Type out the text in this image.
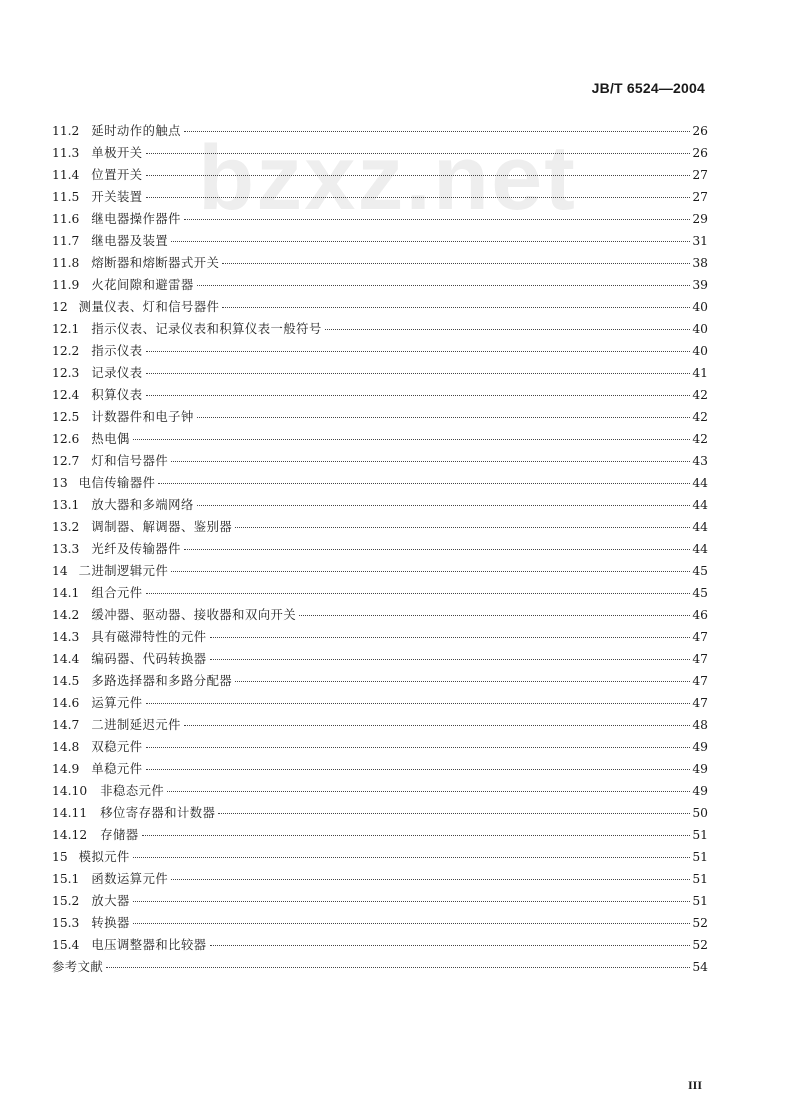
JB/T 6524—2004
bzxz.net
11.2 延时动作的触点	26
11.3 单极开关	26
11.4 位置开关	27
11.5 开关装置	27
11.6 继电器操作器件	29
11.7 继电器及装置	31
11.8 熔断器和熔断器式开关	38
11.9 火花间隙和避雷器	39
12 测量仪表、灯和信号器件	40
12.1 指示仪表、记录仪表和积算仪表一般符号	40
12.2 指示仪表	40
12.3 记录仪表	41
12.4 积算仪表	42
12.5 计数器件和电子钟	42
12.6 热电偶	42
12.7 灯和信号器件	43
13 电信传输器件	44
13.1 放大器和多端网络	44
13.2 调制器、解调器、鉴别器	44
13.3 光纤及传输器件	44
14 二进制逻辑元件	45
14.1 组合元件	45
14.2 缓冲器、驱动器、接收器和双向开关	46
14.3 具有磁滞特性的元件	47
14.4 编码器、代码转换器	47
14.5 多路选择器和多路分配器	47
14.6 运算元件	47
14.7 二进制延迟元件	48
14.8 双稳元件	49
14.9 单稳元件	49
14.10 非稳态元件	49
14.11 移位寄存器和计数器	50
14.12 存储器	51
15 模拟元件	51
15.1 函数运算元件	51
15.2 放大器	51
15.3 转换器	52
15.4 电压调整器和比较器	52
参考文献	54
III
